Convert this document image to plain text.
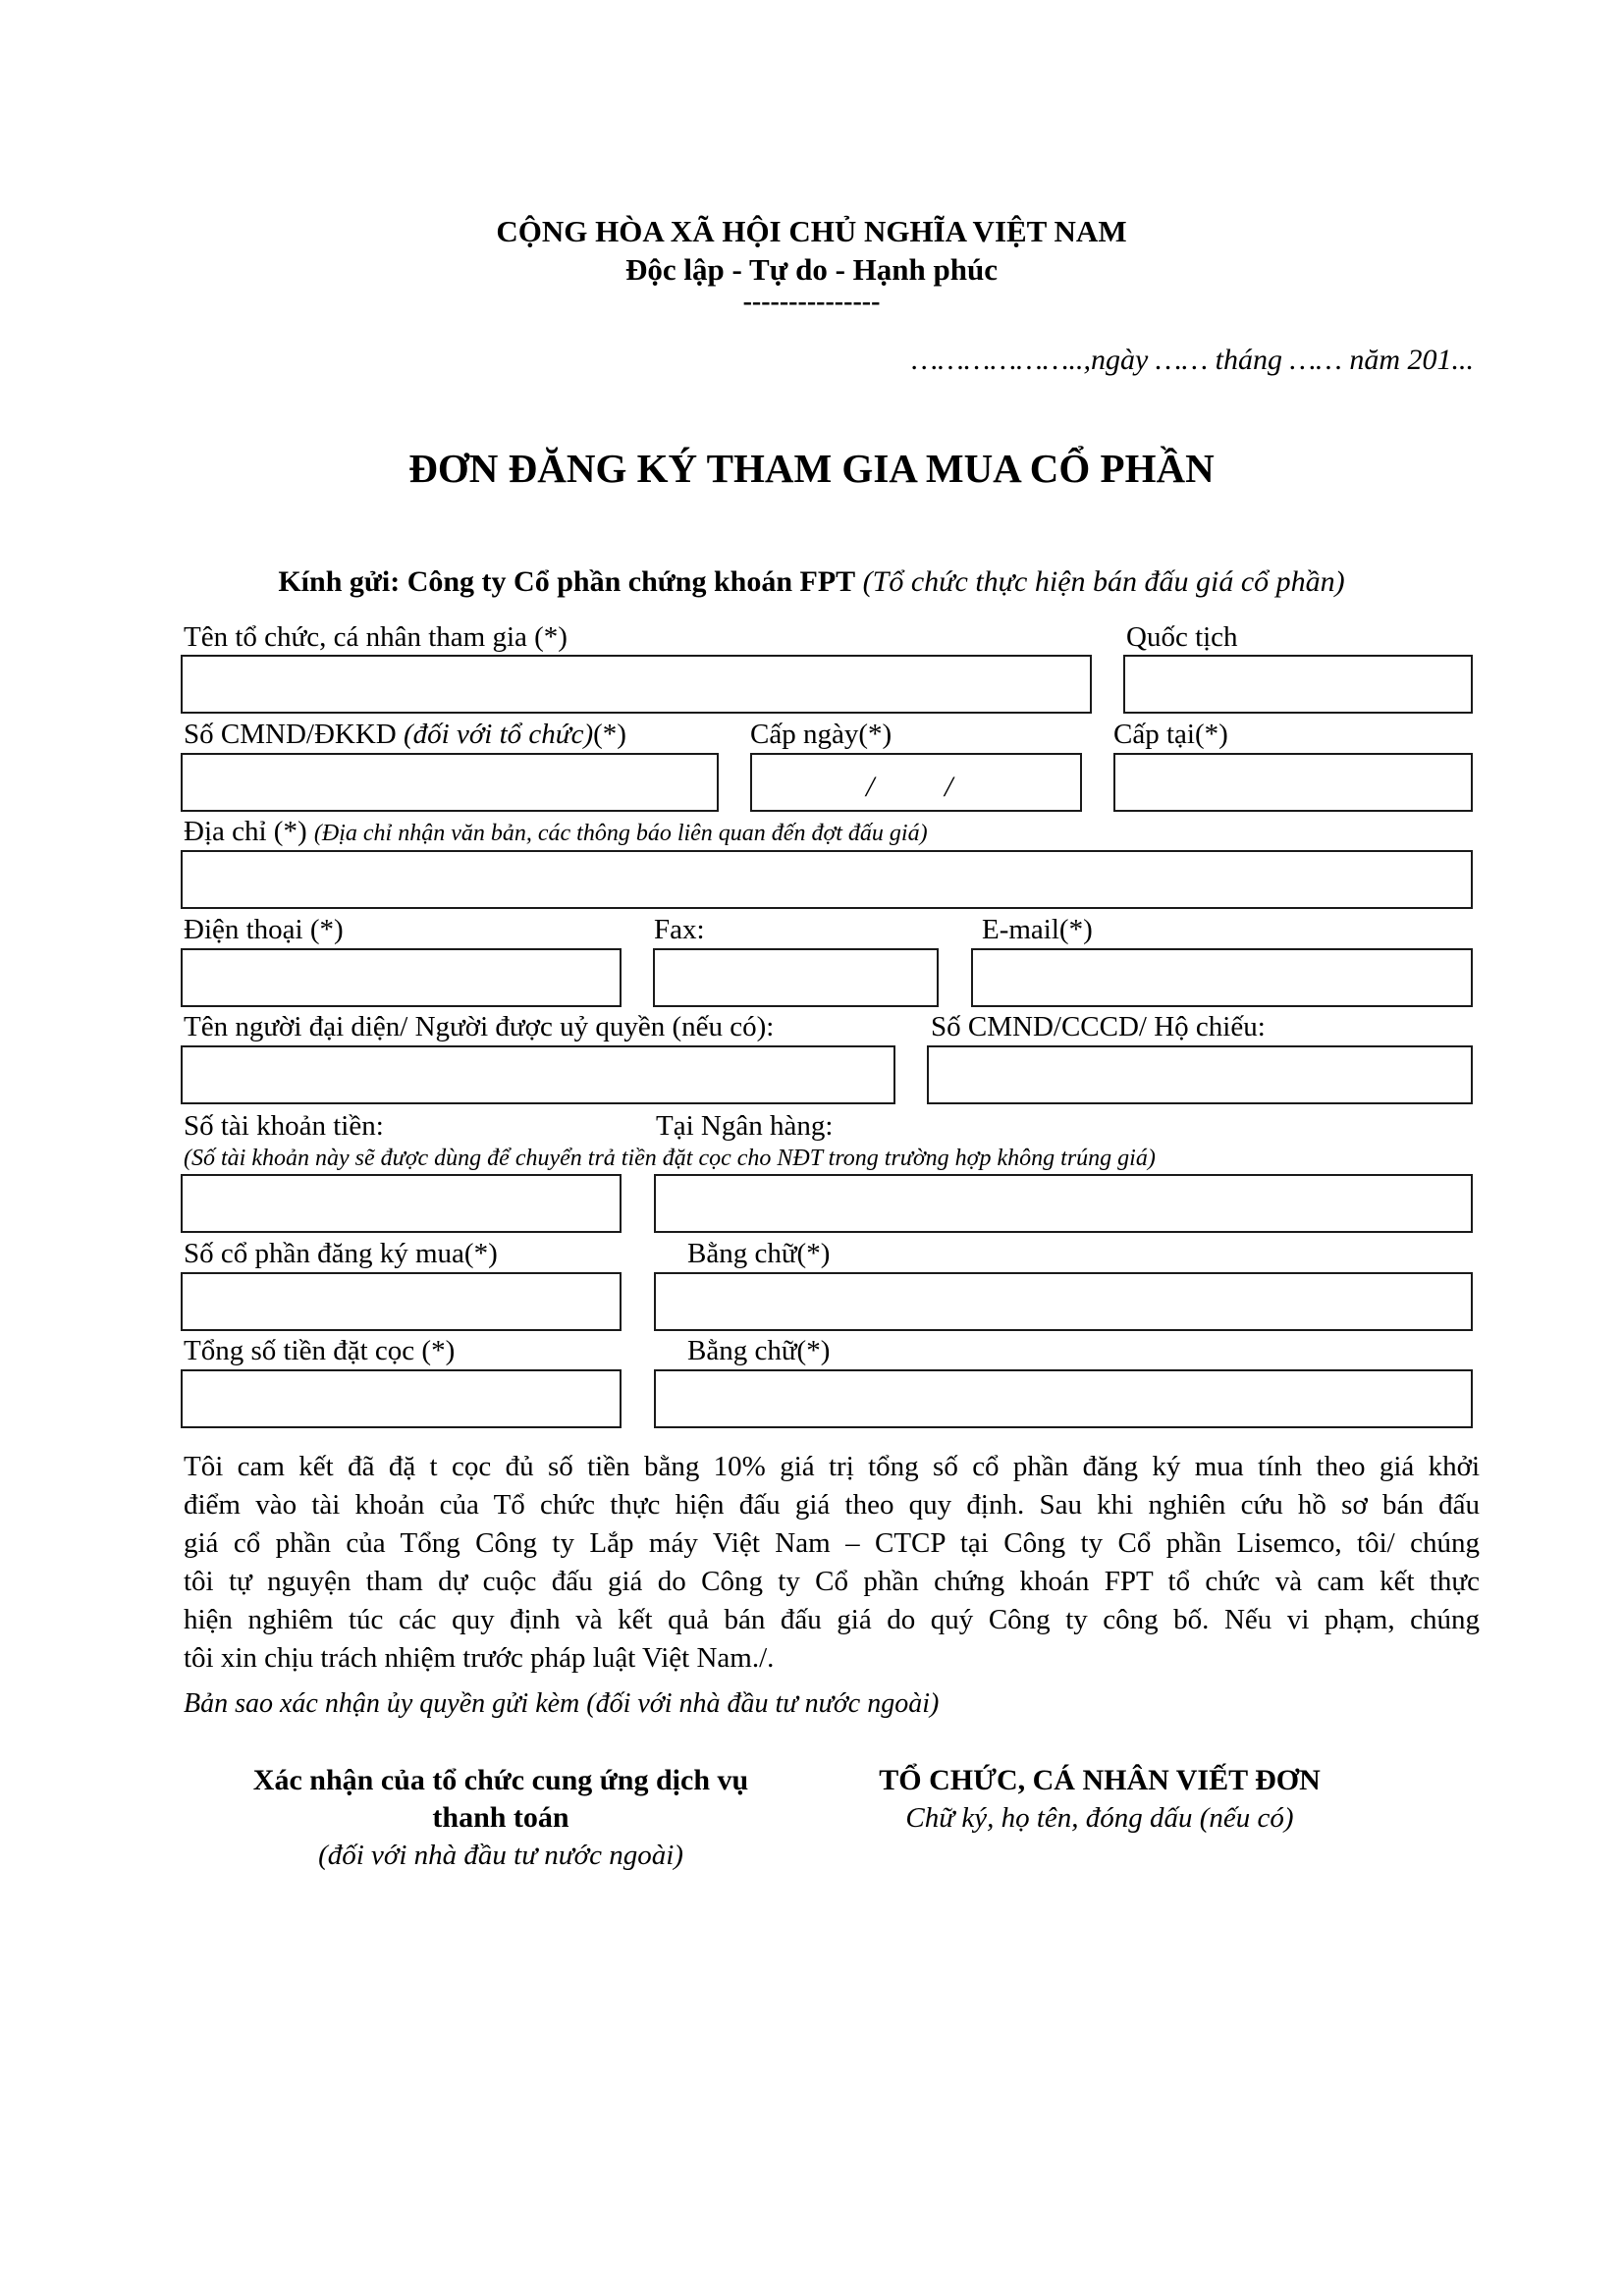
CỘNG HÒA XÃ HỘI CHỦ NGHĨA VIỆT NAM
Độc lập - Tự do - Hạnh phúc
---------------
………………..,ngày …… tháng …… năm 201...
ĐƠN ĐĂNG KÝ THAM GIA MUA CỔ PHẦN
Kính gửi: Công ty Cổ phần chứng khoán FPT (Tổ chức thực hiện bán đấu giá cổ phần)
Tên tổ chức, cá nhân tham gia (*)	Quốc tịch
Số CMND/ĐKKD (đối với tổ chức)(*)	Cấp ngày(*)	Cấp tại(*)
/ /
Địa chỉ (*) (Địa chỉ nhận văn bản, các thông báo liên quan đến đợt đấu giá)
Điện thoại (*)	Fax:	E-mail(*)
Tên người đại diện/ Người được uỷ quyền (nếu có):	Số CMND/CCCD/ Hộ chiếu:
Số tài khoản tiền:	Tại Ngân hàng:
(Số tài khoản này sẽ được dùng để chuyển trả tiền đặt cọc cho NĐT trong trường hợp không trúng giá)
Số cổ phần đăng ký mua(*)	Bằng chữ(*)
Tổng số tiền đặt cọc (*)	Bằng chữ(*)
Tôi cam kết đã đặ t cọc đủ số tiền bằng 10% giá trị tổng số cổ phần đăng ký mua tính theo giá khởi
điểm vào tài khoản của Tổ chức thực hiện đấu giá theo quy định. Sau khi nghiên cứu hồ sơ bán đấu
giá cổ phần của Tổng Công ty Lắp máy Việt Nam – CTCP tại Công ty Cổ phần Lisemco, tôi/ chúng
tôi tự nguyện tham dự cuộc đấu giá do Công ty Cổ phần chứng khoán FPT tổ chức và cam kết thực
hiện nghiêm túc các quy định và kết quả bán đấu giá do quý Công ty công bố. Nếu vi phạm, chúng
tôi xin chịu trách nhiệm trước pháp luật Việt Nam./.
Bản sao xác nhận ủy quyền gửi kèm (đối với nhà đầu tư nước ngoài)
Xác nhận của tổ chức cung ứng dịch vụ
thanh toán
(đối với nhà đầu tư nước ngoài)
TỔ CHỨC, CÁ NHÂN VIẾT ĐƠN
Chữ ký, họ tên, đóng dấu (nếu có)
